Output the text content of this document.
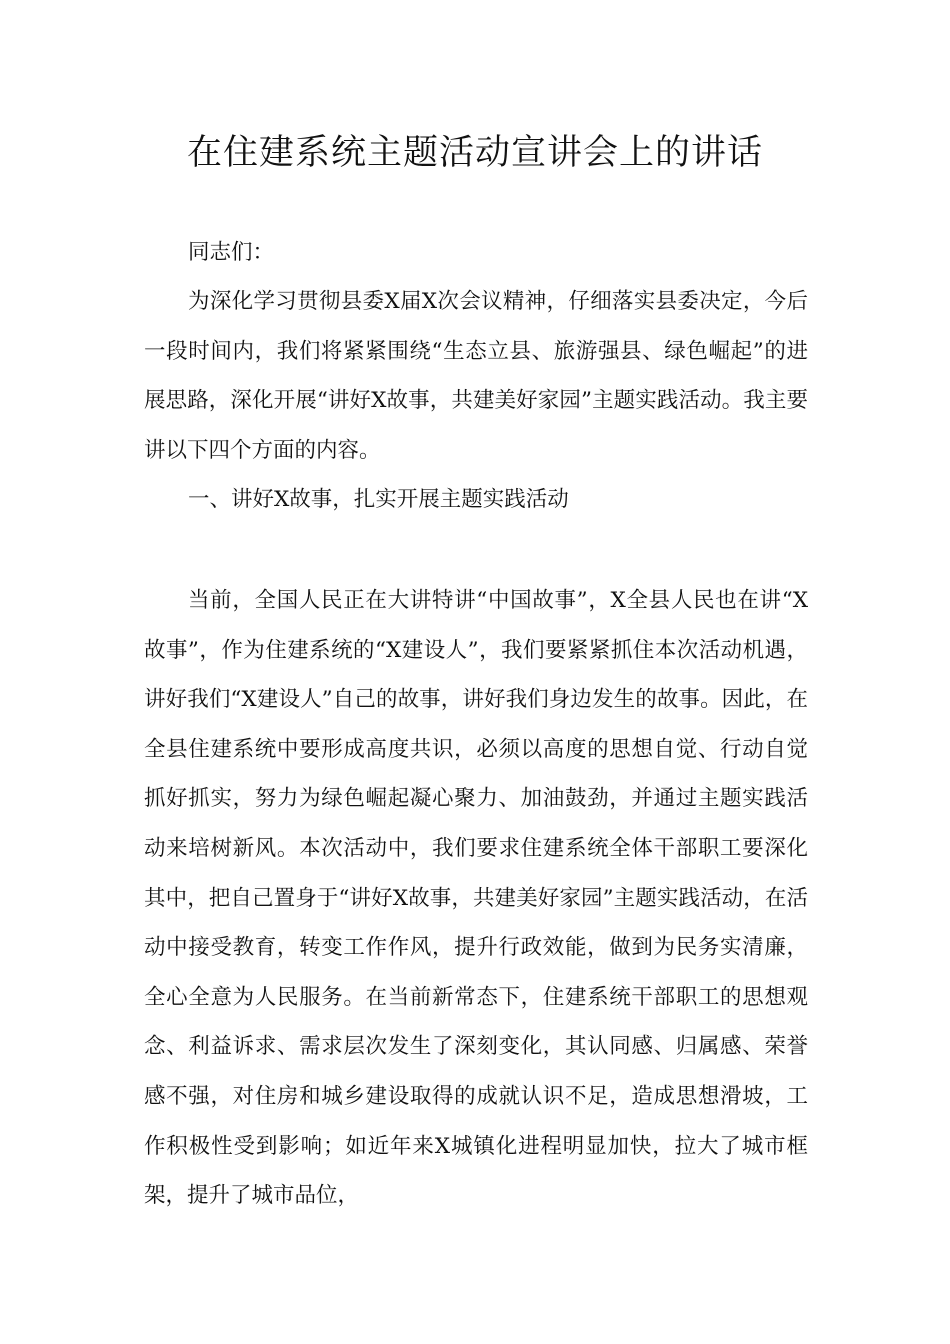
在住建系统主题活动宣讲会上的讲话

同志们：

为深化学习贯彻县委X届X次会议精神，仔细落实县委决定，今后一段时间内，我们将紧紧围绕“生态立县、旅游强县、绿色崛起”的进展思路，深化开展“讲好X故事，共建美好家园”主题实践活动。我主要讲以下四个方面的内容。

一、讲好X故事，扎实开展主题实践活动

当前，全国人民正在大讲特讲“中国故事”，X全县人民也在讲“X故事”，作为住建系统的“X建设人”，我们要紧紧抓住本次活动机遇，讲好我们“X建设人”自己的故事，讲好我们身边发生的故事。因此，在全县住建系统中要形成高度共识，必须以高度的思想自觉、行动自觉抓好抓实，努力为绿色崛起凝心聚力、加油鼓劲，并通过主题实践活动来培树新风。本次活动中，我们要求住建系统全体干部职工要深化其中，把自己置身于“讲好X故事，共建美好家园”主题实践活动，在活动中接受教育，转变工作作风，提升行政效能，做到为民务实清廉，全心全意为人民服务。在当前新常态下，住建系统干部职工的思想观念、利益诉求、需求层次发生了深刻变化，其认同感、归属感、荣誉感不强，对住房和城乡建设取得的成就认识不足，造成思想滑坡，工作积极性受到影响；如近年来X城镇化进程明显加快，拉大了城市框架，提升了城市品位，
